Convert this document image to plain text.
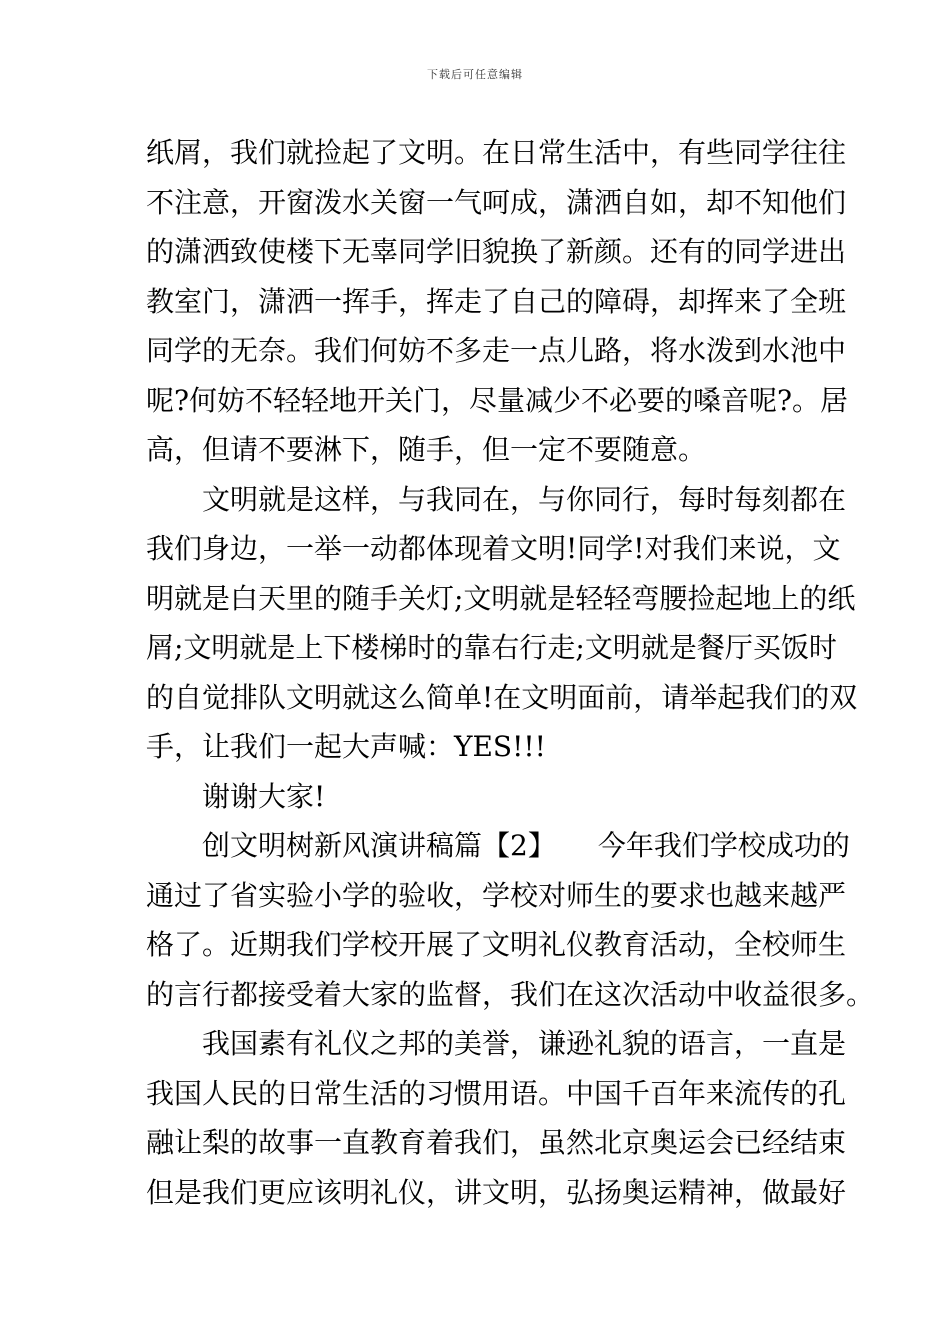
下载后可任意编辑
纸屑，我们就捡起了文明。在日常生活中，有些同学往往
不注意，开窗泼水关窗一气呵成，潇洒自如，却不知他们
的潇洒致使楼下无辜同学旧貌换了新颜。还有的同学进出
教室门，潇洒一挥手，挥走了自己的障碍，却挥来了全班
同学的无奈。我们何妨不多走一点儿路，将水泼到水池中
呢?何妨不轻轻地开关门，尽量减少不必要的嗓音呢?。居
高，但请不要淋下，随手，但一定不要随意。
　　文明就是这样，与我同在，与你同行，每时每刻都在
我们身边，一举一动都体现着文明!同学!对我们来说，文
明就是白天里的随手关灯;文明就是轻轻弯腰捡起地上的纸
屑;文明就是上下楼梯时的靠右行走;文明就是餐厅买饭时
的自觉排队文明就这么简单!在文明面前，请举起我们的双
手，让我们一起大声喊：YES!!!
　　谢谢大家!
　　创文明树新风演讲稿篇【2】　　今年我们学校成功的
通过了省实验小学的验收，学校对师生的要求也越来越严
格了。近期我们学校开展了文明礼仪教育活动，全校师生
的言行都接受着大家的监督，我们在这次活动中收益很多。
　　我国素有礼仪之邦的美誉，谦逊礼貌的语言，一直是
我国人民的日常生活的习惯用语。中国千百年来流传的孔
融让梨的故事一直教育着我们，虽然北京奥运会已经结束
但是我们更应该明礼仪，讲文明，弘扬奥运精神，做最好
